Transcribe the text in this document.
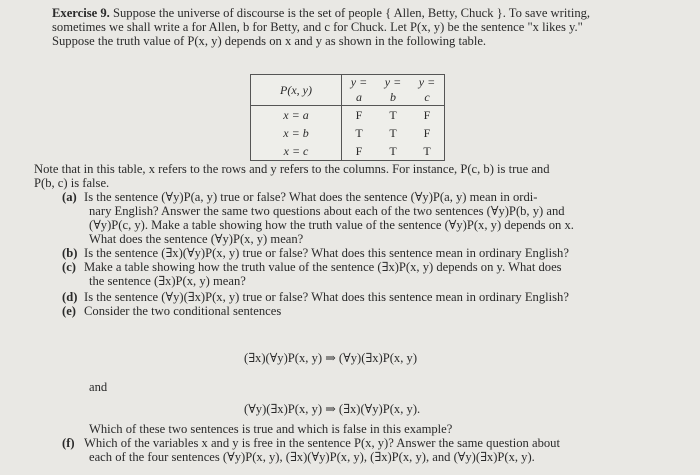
Exercise 9. Suppose the universe of discourse is the set of people { Allen, Betty, Chuck }. To save writing,
sometimes we shall write a for Allen, b for Betty, and c for Chuck. Let P(x, y) be the sentence "x likes y."
Suppose the truth value of P(x, y) depends on x and y as shown in the following table.
P(x, y)	y = a	y = b	y = c
x = a	F	T	F
x = b	T	T	F
x = c	F	T	T
Note that in this table, x refers to the rows and y refers to the columns. For instance, P(c, b) is true and
P(b, c) is false.
(a) Is the sentence (∀y)P(a, y) true or false? What does the sentence (∀y)P(a, y) mean in ordi-
nary English? Answer the same two questions about each of the two sentences (∀y)P(b, y) and
(∀y)P(c, y). Make a table showing how the truth value of the sentence (∀y)P(x, y) depends on x.
What does the sentence (∀y)P(x, y) mean?
(b) Is the sentence (∃x)(∀y)P(x, y) true or false? What does this sentence mean in ordinary English?
(c) Make a table showing how the truth value of the sentence (∃x)P(x, y) depends on y. What does
the sentence (∃x)P(x, y) mean?
(d) Is the sentence (∀y)(∃x)P(x, y) true or false? What does this sentence mean in ordinary English?
(e) Consider the two conditional sentences
(∃x)(∀y)P(x, y) ⇒ (∀y)(∃x)P(x, y)
and
(∀y)(∃x)P(x, y) ⇒ (∃x)(∀y)P(x, y).
Which of these two sentences is true and which is false in this example?
(f) Which of the variables x and y is free in the sentence P(x, y)? Answer the same question about
each of the four sentences (∀y)P(x, y), (∃x)(∀y)P(x, y), (∃x)P(x, y), and (∀y)(∃x)P(x, y).
